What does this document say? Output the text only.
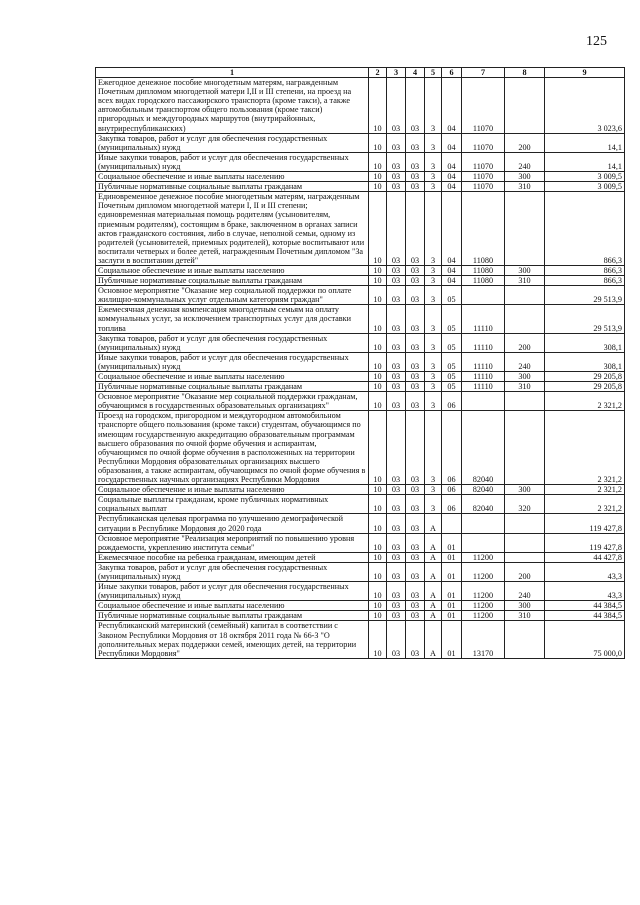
125
1	2	3	4	5	6	7	8	9
Ежегодное денежное пособие многодетным матерям, награжденным Почетным дипломом многодетной матери I,II и III степени, на проезд на всех видах городского пассажирского транспорта (кроме такси), а также автомобильным транспортом общего пользования (кроме такси) пригородных и междугородных маршрутов (внутрирайонных, внутриреспубликанских)	10	03	03	3	04	11070		3 023,6
Закупка товаров, работ и услуг для обеспечения государственных (муниципальных) нужд	10	03	03	3	04	11070	200	14,1
Иные закупки товаров, работ и услуг для обеспечения государственных (муниципальных) нужд	10	03	03	3	04	11070	240	14,1
Социальное обеспечение и иные выплаты населению	10	03	03	3	04	11070	300	3 009,5
Публичные нормативные социальные выплаты гражданам	10	03	03	3	04	11070	310	3 009,5
Единовременное денежное пособие многодетным матерям, награжденным Почетным дипломом многодетной матери I, II и III степени; единовременная материальная помощь родителям (усыновителям, приемным родителям), состоящим в браке, заключенном в органах записи актов гражданского состояния, либо в случае, неполной семьи, одному из родителей (усыновителей, приемных родителей), которые воспитывают или воспитали четверых и более детей, награжденным Почетным дипломом "За заслуги в воспитании детей"	10	03	03	3	04	11080		866,3
Социальное обеспечение и иные выплаты населению	10	03	03	3	04	11080	300	866,3
Публичные нормативные социальные выплаты гражданам	10	03	03	3	04	11080	310	866,3
Основное мероприятие "Оказание мер социальной поддержки по оплате жилищно-коммунальных услуг отдельным категориям граждан"	10	03	03	3	05			29 513,9
Ежемесячная денежная компенсация многодетным семьям на оплату коммунальных услуг, за исключением транспортных услуг для доставки топлива	10	03	03	3	05	11110		29 513,9
Закупка товаров, работ и услуг для обеспечения государственных (муниципальных) нужд	10	03	03	3	05	11110	200	308,1
Иные закупки товаров, работ и услуг для обеспечения государственных (муниципальных) нужд	10	03	03	3	05	11110	240	308,1
Социальное обеспечение и иные выплаты населению	10	03	03	3	05	11110	300	29 205,8
Публичные нормативные социальные выплаты гражданам	10	03	03	3	05	11110	310	29 205,8
Основное мероприятие "Оказание мер социальной поддержки гражданам, обучающимся в государственных образовательных организациях"	10	03	03	3	06			2 321,2
Проезд на городском, пригородном и междугородном автомобильном транспорте общего пользования (кроме такси) студентам, обучающимся по имеющим государственную аккредитацию образовательным программам высшего образования по очной форме обучения и аспирантам, обучающимся по очной форме обучения в расположенных на территории Республики Мордовия образовательных организациях высшего образования, а также аспирантам, обучающимся по очной форме обучения в государственных научных организациях Республики Мордовия	10	03	03	3	06	82040		2 321,2
Социальное обеспечение и иные выплаты населению	10	03	03	3	06	82040	300	2 321,2
Социальные выплаты гражданам, кроме публичных нормативных социальных выплат	10	03	03	3	06	82040	320	2 321,2
Республиканская целевая программа по улучшению демографической ситуации в Республике Мордовия до 2020 года	10	03	03	А				119 427,8
Основное мероприятие "Реализация мероприятий по повышению уровня рождаемости, укреплению института семьи"	10	03	03	А	01			119 427,8
Ежемесячное пособие на ребенка гражданам, имеющим детей	10	03	03	А	01	11200		44 427,8
Закупка товаров, работ и услуг для обеспечения государственных (муниципальных) нужд	10	03	03	А	01	11200	200	43,3
Иные закупки товаров, работ и услуг для обеспечения государственных (муниципальных) нужд	10	03	03	А	01	11200	240	43,3
Социальное обеспечение и иные выплаты населению	10	03	03	А	01	11200	300	44 384,5
Публичные нормативные социальные выплаты гражданам	10	03	03	А	01	11200	310	44 384,5
Республиканский материнский (семейный) капитал в соответствии с Законом Республики Мордовия от 18 октября 2011 года № 66-З "О дополнительных мерах поддержки семей, имеющих детей, на территории Республики Мордовия"	10	03	03	А	01	13170		75 000,0
